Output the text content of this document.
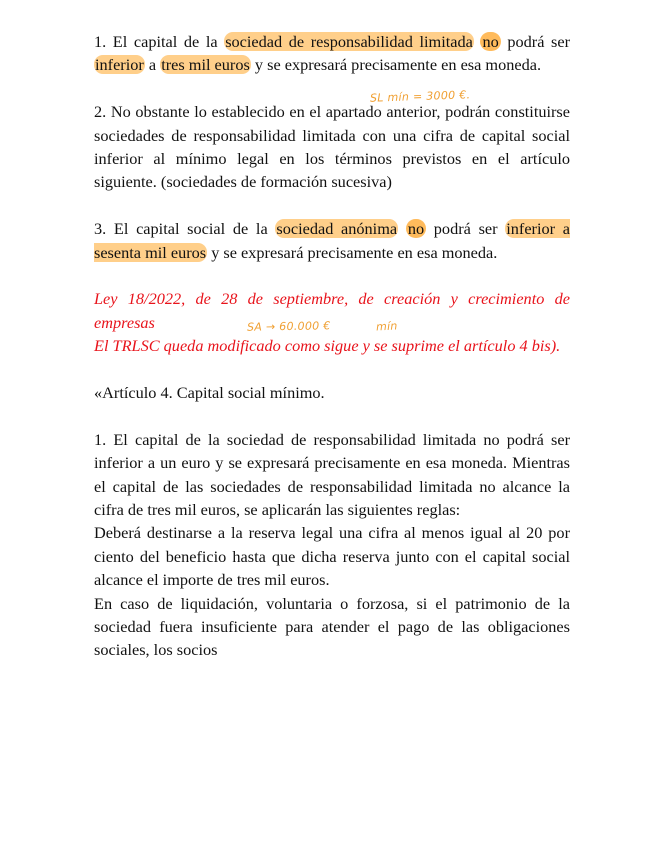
1. El capital de la sociedad de responsabilidad limitada no podrá ser inferior a tres mil euros y se expresará precisamente en esa moneda.

2. No obstante lo establecido en el apartado anterior, podrán constituirse sociedades de responsabilidad limitada con una cifra de capital social inferior al mínimo legal en los términos previstos en el artículo siguiente. (sociedades de formación sucesiva)

3. El capital social de la sociedad anónima no podrá ser inferior a sesenta mil euros y se expresará precisamente en esa moneda.

Ley 18/2022, de 28 de septiembre, de creación y crecimiento de empresas

El TRLSC queda modificado como sigue y se suprime el artículo 4 bis).

«Artículo 4. Capital social mínimo.

1. El capital de la sociedad de responsabilidad limitada no podrá ser inferior a un euro y se expresará precisamente en esa moneda. Mientras el capital de las sociedades de responsabilidad limitada no alcance la cifra de tres mil euros, se aplicarán las siguientes reglas:

Deberá destinarse a la reserva legal una cifra al menos igual al 20 por ciento del beneficio hasta que dicha reserva junto con el capital social alcance el importe de tres mil euros.

En caso de liquidación, voluntaria o forzosa, si el patrimonio de la sociedad fuera insuficiente para atender el pago de las obligaciones sociales, los socios

SL mín = 3000 €.
SA → 60.000 €	mín
